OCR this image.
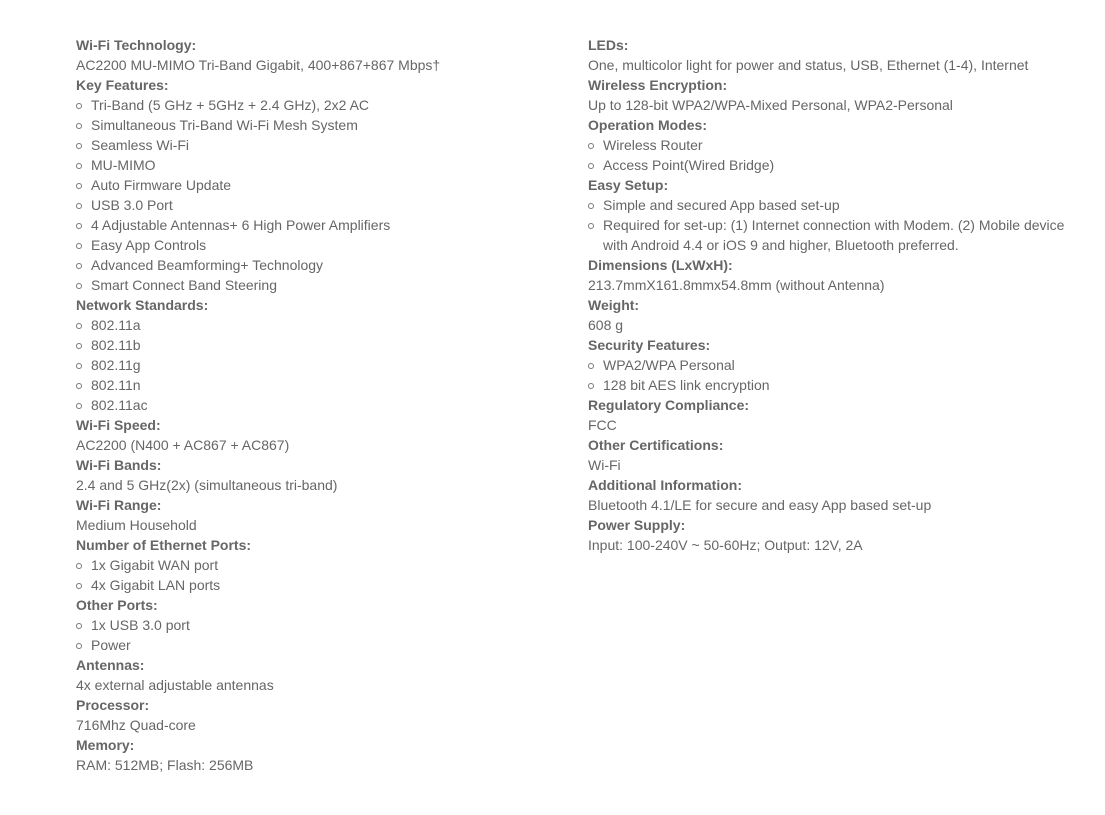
Wi-Fi Technology:
AC2200 MU-MIMO Tri-Band Gigabit, 400+867+867 Mbps†
Key Features:
Tri-Band (5 GHz + 5GHz + 2.4 GHz), 2x2 AC
Simultaneous Tri-Band Wi-Fi Mesh System
Seamless Wi-Fi
MU-MIMO
Auto Firmware Update
USB 3.0 Port
4 Adjustable Antennas+ 6 High Power Amplifiers
Easy App Controls
Advanced Beamforming+ Technology
Smart Connect Band Steering
Network Standards:
802.11a
802.11b
802.11g
802.11n
802.11ac
Wi-Fi Speed:
AC2200 (N400 + AC867 + AC867)
Wi-Fi Bands:
2.4 and 5 GHz(2x) (simultaneous tri-band)
Wi-Fi Range:
Medium Household
Number of Ethernet Ports:
1x Gigabit WAN port
4x Gigabit LAN ports
Other Ports:
1x USB 3.0 port
Power
Antennas:
4x external adjustable antennas
Processor:
716Mhz Quad-core
Memory:
RAM: 512MB; Flash: 256MB
LEDs:
One, multicolor light for power and status, USB, Ethernet (1-4), Internet
Wireless Encryption:
Up to 128-bit WPA2/WPA-Mixed Personal, WPA2-Personal
Operation Modes:
Wireless Router
Access Point(Wired Bridge)
Easy Setup:
Simple and secured App based set-up
Required for set-up: (1) Internet connection with Modem. (2) Mobile device with Android 4.4 or iOS 9 and higher, Bluetooth preferred.
Dimensions (LxWxH):
213.7mmX161.8mmx54.8mm (without Antenna)
Weight:
608 g
Security Features:
WPA2/WPA Personal
128 bit AES link encryption
Regulatory Compliance:
FCC
Other Certifications:
Wi-Fi
Additional Information:
Bluetooth 4.1/LE for secure and easy App based set-up
Power Supply:
Input: 100-240V ~ 50-60Hz; Output: 12V, 2A
